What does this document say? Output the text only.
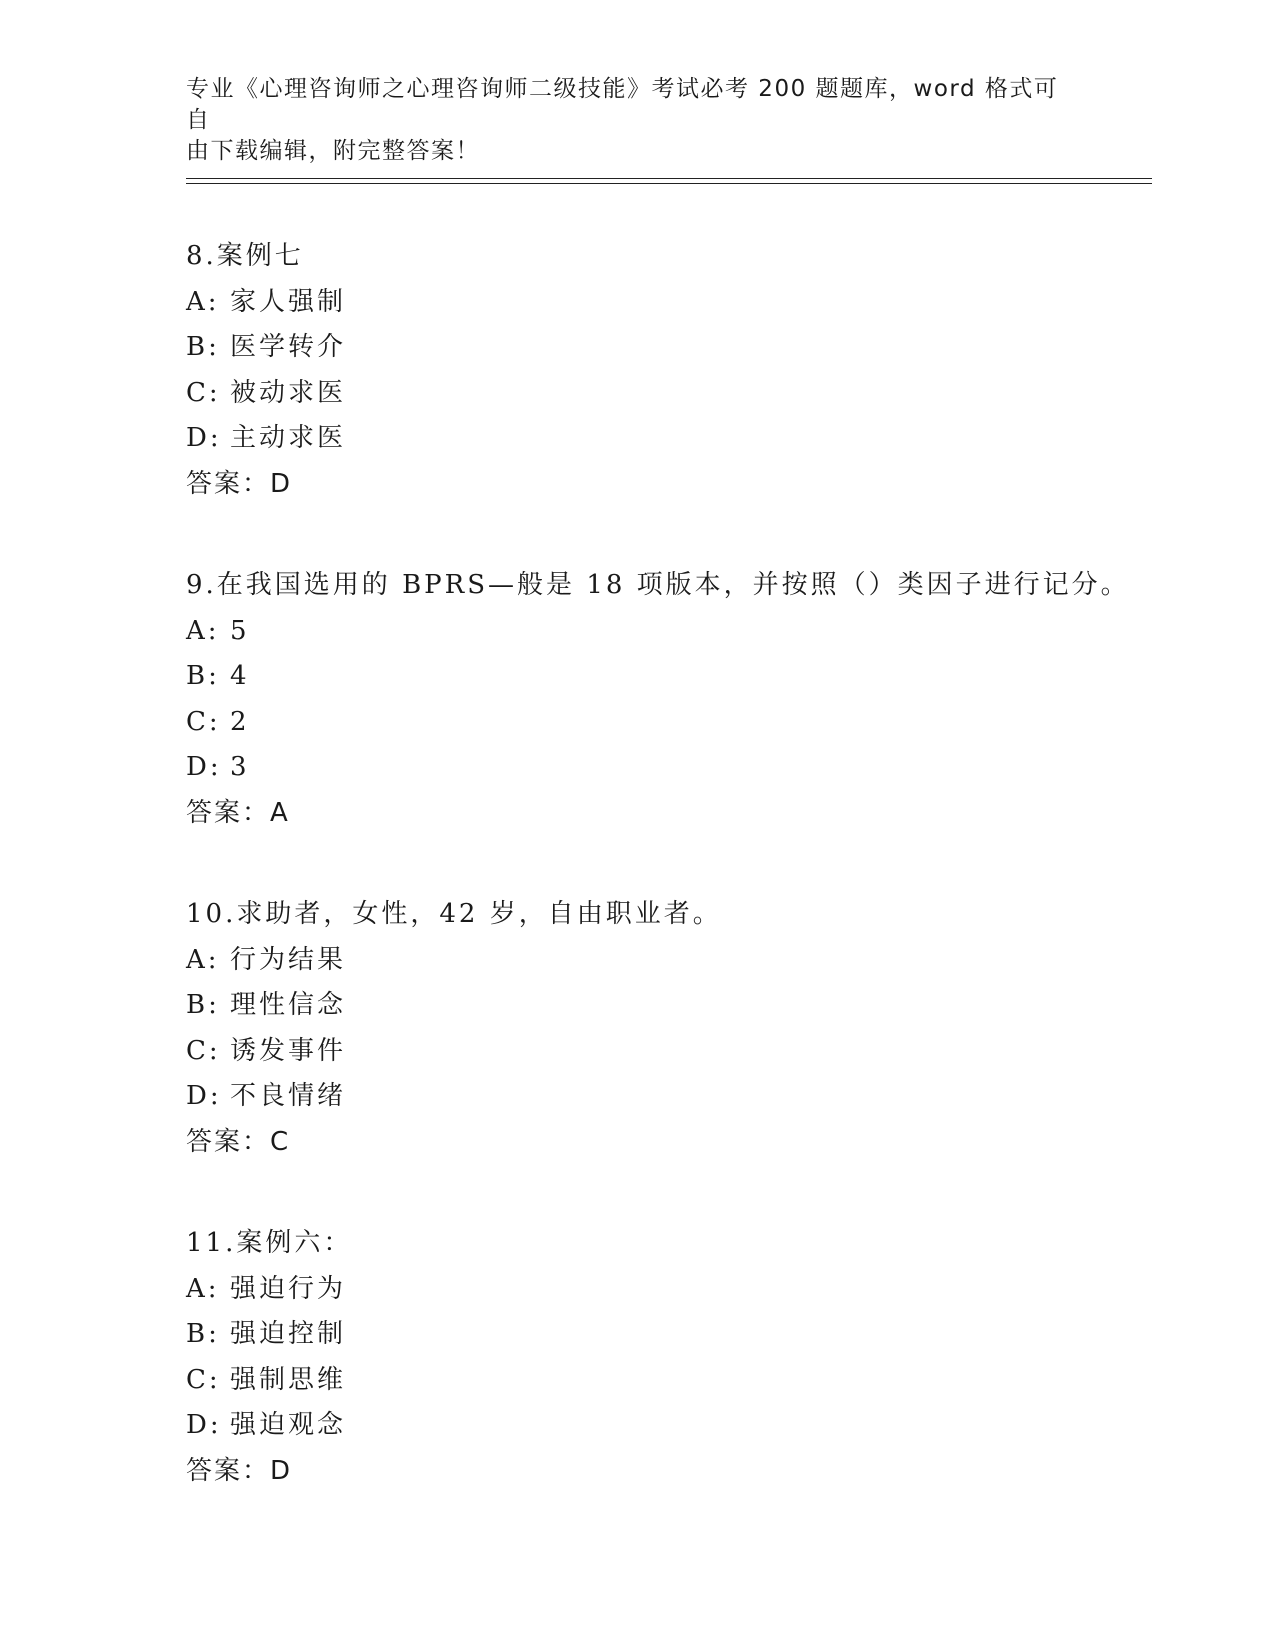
专业《心理咨询师之心理咨询师二级技能》考试必考 200 题题库，word 格式可自
由下载编辑，附完整答案！
8.案例七
A: 家人强制
B: 医学转介
C: 被动求医
D: 主动求医
答案：D
9.在我国选用的 BPRS—般是 18 项版本，并按照（）类因子进行记分。
A: 5
B: 4
C: 2
D: 3
答案：A
10.求助者，女性，42 岁，自由职业者。
A: 行为结果
B: 理性信念
C: 诱发事件
D: 不良情绪
答案：C
11.案例六：
A: 强迫行为
B: 强迫控制
C: 强制思维
D: 强迫观念
答案：D
